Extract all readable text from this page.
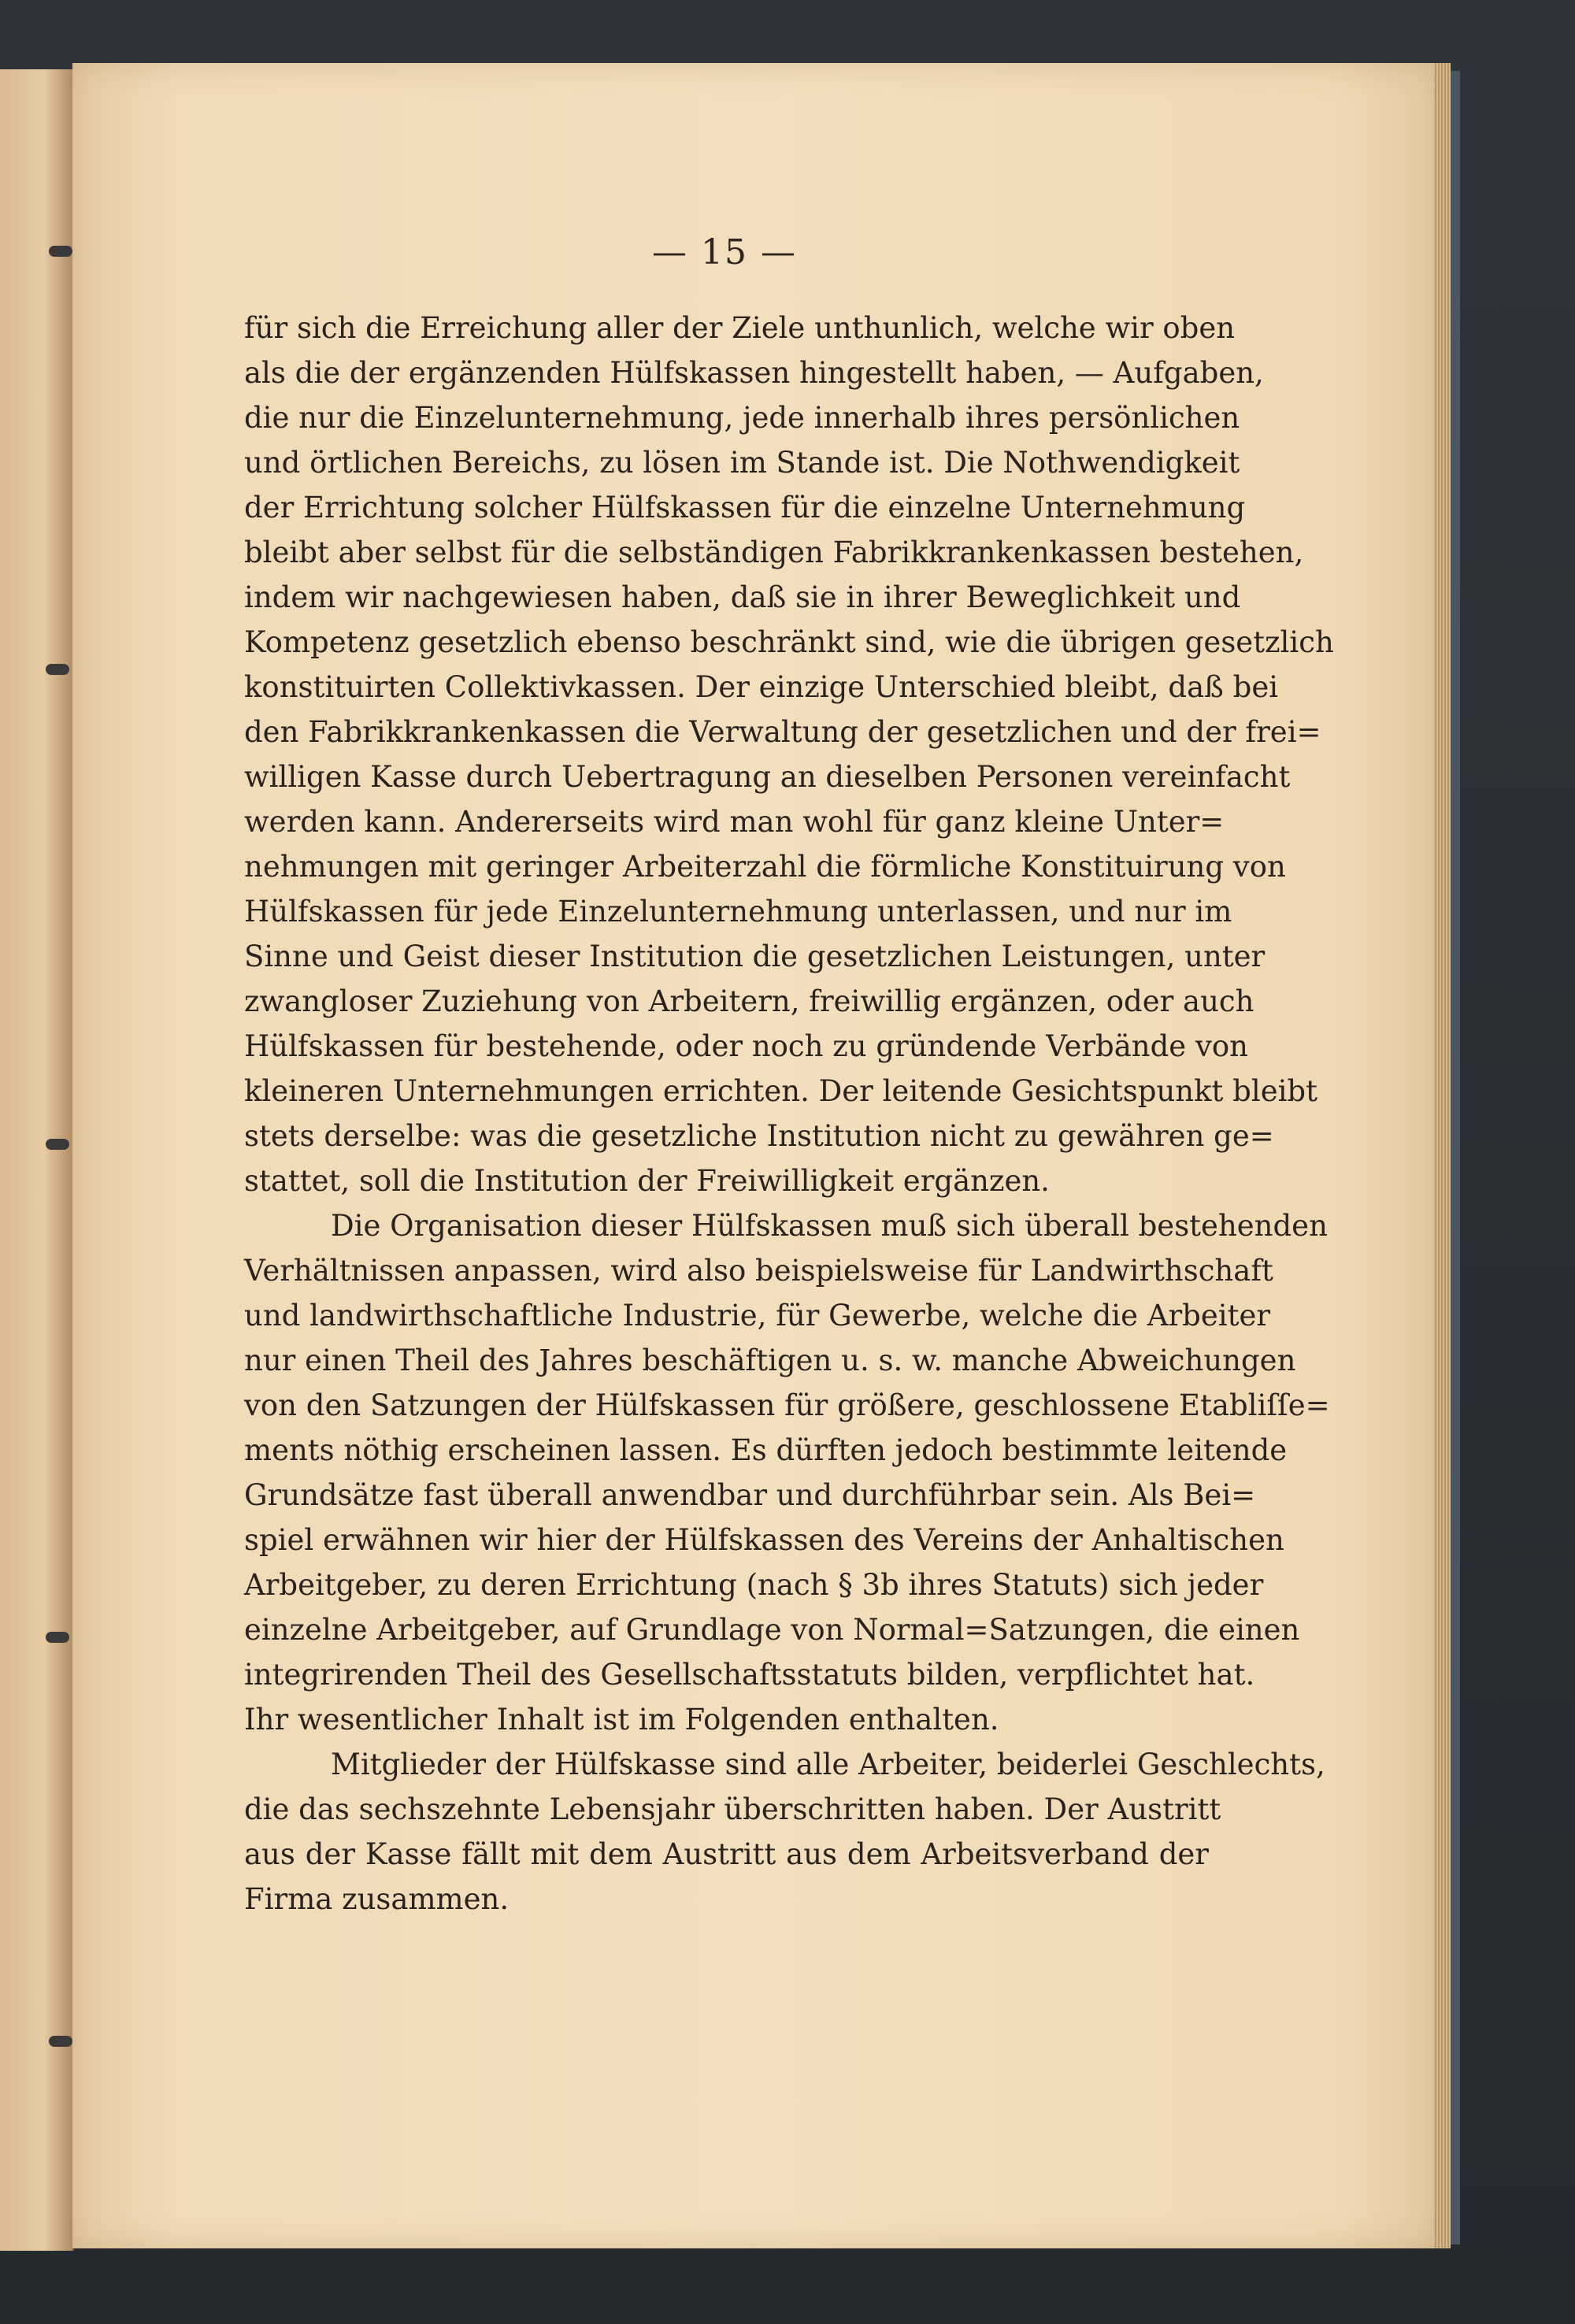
— 15 —
für sich die Erreichung aller der Ziele unthunlich, welche wir oben
als die der ergänzenden Hülfskassen hingestellt haben, — Aufgaben,
die nur die Einzelunternehmung, jede innerhalb ihres persönlichen
und örtlichen Bereichs, zu lösen im Stande ist. Die Nothwendigkeit
der Errichtung solcher Hülfskassen für die einzelne Unternehmung
bleibt aber selbst für die selbständigen Fabrikkrankenkassen bestehen,
indem wir nachgewiesen haben, daß sie in ihrer Beweglichkeit und
Kompetenz gesetzlich ebenso beschränkt sind, wie die übrigen gesetzlich
konstituirten Collektivkassen. Der einzige Unterschied bleibt, daß bei
den Fabrikkrankenkassen die Verwaltung der gesetzlichen und der frei=
willigen Kasse durch Uebertragung an dieselben Personen vereinfacht
werden kann. Andererseits wird man wohl für ganz kleine Unter=
nehmungen mit geringer Arbeiterzahl die förmliche Konstituirung von
Hülfskassen für jede Einzelunternehmung unterlassen, und nur im
Sinne und Geist dieser Institution die gesetzlichen Leistungen, unter
zwangloser Zuziehung von Arbeitern, freiwillig ergänzen, oder auch
Hülfskassen für bestehende, oder noch zu gründende Verbände von
kleineren Unternehmungen errichten. Der leitende Gesichtspunkt bleibt
stets derselbe: was die gesetzliche Institution nicht zu gewähren ge=
stattet, soll die Institution der Freiwilligkeit ergänzen.
Die Organisation dieser Hülfskassen muß sich überall bestehenden
Verhältnissen anpassen, wird also beispielsweise für Landwirthschaft
und landwirthschaftliche Industrie, für Gewerbe, welche die Arbeiter
nur einen Theil des Jahres beschäftigen u. s. w. manche Abweichungen
von den Satzungen der Hülfskassen für größere, geschlossene Etabliſſe=
ments nöthig erscheinen lassen. Es dürften jedoch bestimmte leitende
Grundsätze fast überall anwendbar und durchführbar sein. Als Bei=
spiel erwähnen wir hier der Hülfskassen des Vereins der Anhaltischen
Arbeitgeber, zu deren Errichtung (nach § 3b ihres Statuts) sich jeder
einzelne Arbeitgeber, auf Grundlage von Normal=Satzungen, die einen
integrirenden Theil des Gesellschaftsstatuts bilden, verpflichtet hat.
Ihr wesentlicher Inhalt ist im Folgenden enthalten.
Mitglieder der Hülfskasse sind alle Arbeiter, beiderlei Geschlechts,
die das sechszehnte Lebensjahr überschritten haben. Der Austritt
aus der Kasse fällt mit dem Austritt aus dem Arbeitsverband der
Firma zusammen.
